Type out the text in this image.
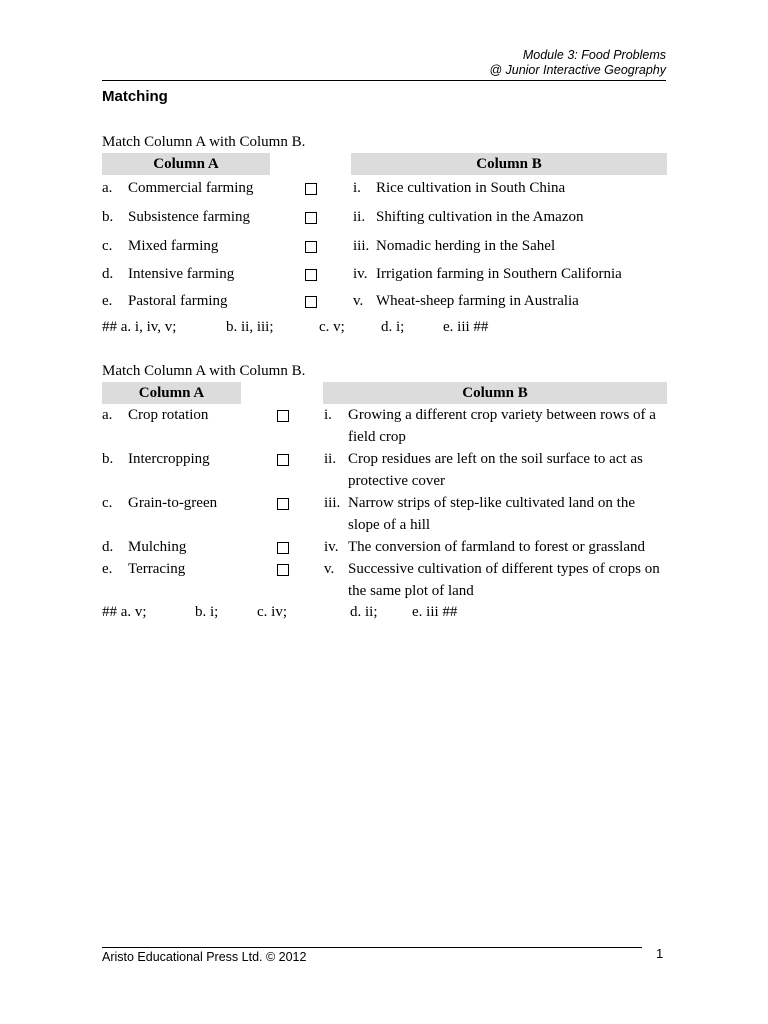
Module 3: Food Problems
@ Junior Interactive Geography
Matching
Match Column A with Column B.
Column A	Column B
a. Commercial farming	i. Rice cultivation in South China
b. Subsistence farming	ii. Shifting cultivation in the Amazon
c. Mixed farming	iii. Nomadic herding in the Sahel
d. Intensive farming	iv. Irrigation farming in Southern California
e. Pastoral farming	v. Wheat-sheep farming in Australia
## a. i, iv, v;	b. ii, iii;	c. v; d. i;	e. iii ##
Match Column A with Column B.
Column A	Column B
a. Crop rotation	i. Growing a different crop variety between rows of a field crop
b. Intercropping	ii. Crop residues are left on the soil surface to act as protective cover
c. Grain-to-green	iii. Narrow strips of step-like cultivated land on the slope of a hill
d. Mulching	iv. The conversion of farmland to forest or grassland
e. Terracing	v. Successive cultivation of different types of crops on the same plot of land
## a. v;	b. i;	c. iv;	d. ii; e. iii ##
Aristo Educational Press Ltd. © 2012	1
